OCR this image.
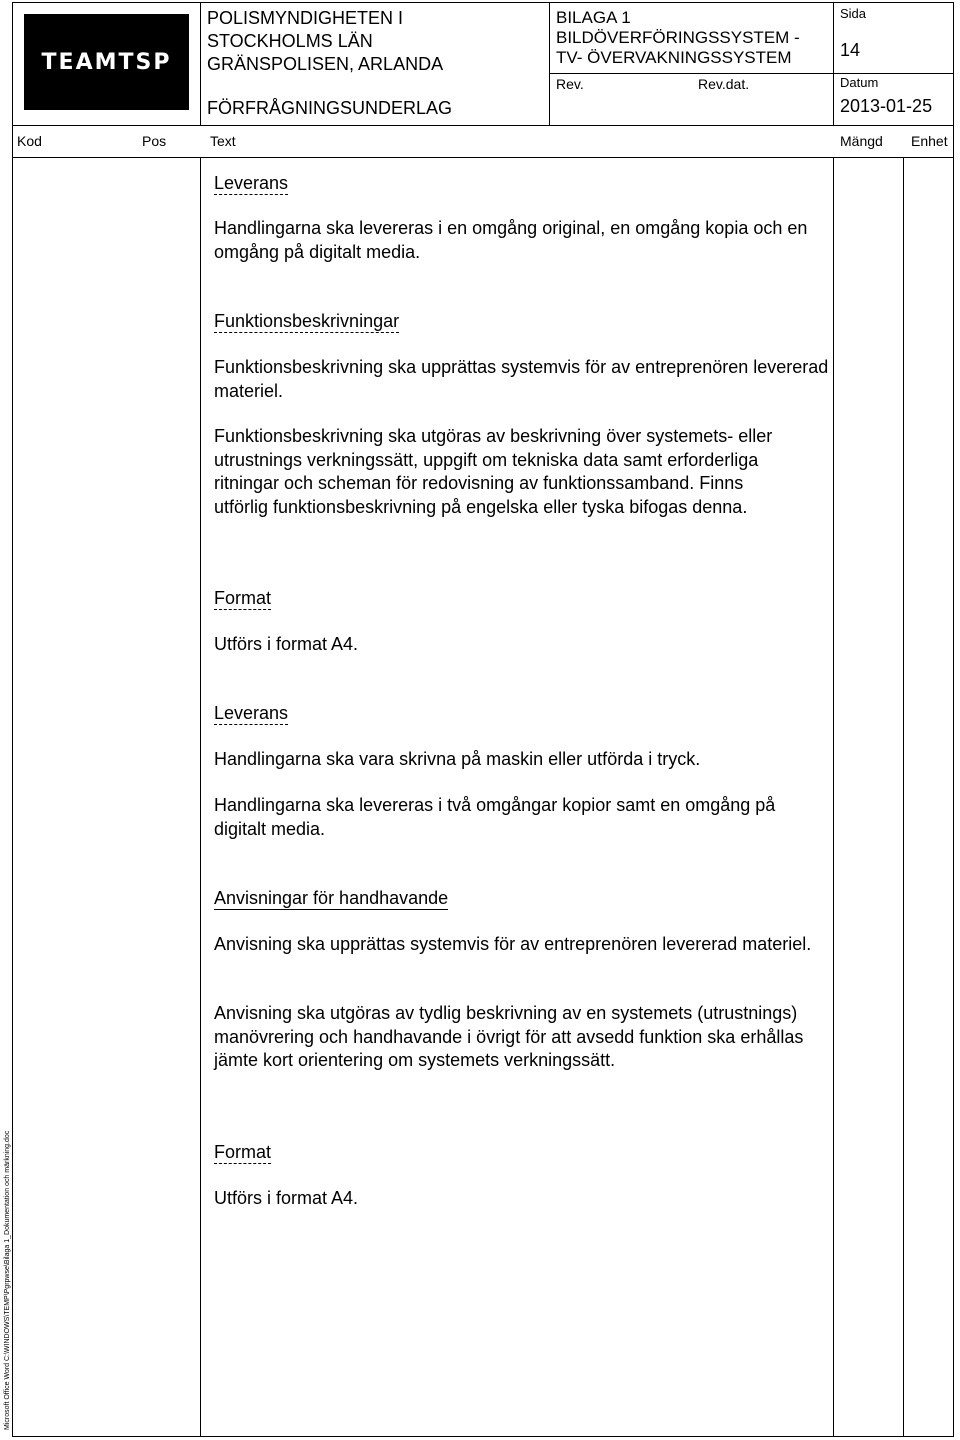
TEAMTSP
POLISMYNDIGHETEN I
STOCKHOLMS LÄN
GRÄNSPOLISEN, ARLANDA
FÖRFRÅGNINGSUNDERLAG
BILAGA 1
BILDÖVERFÖRINGSSYSTEM -
TV- ÖVERVAKNINGSSYSTEM
Rev.	Rev.dat.
Sida
14
Datum
2013-01-25
Kod	Pos	Text	Mängd Enhet
Leverans

Handlingarna ska levereras i en omgång original, en omgång kopia och en omgång på digitalt media.

Funktionsbeskrivningar

Funktionsbeskrivning ska upprättas systemvis för av entreprenören levererad materiel.

Funktionsbeskrivning ska utgöras av beskrivning över systemets- eller utrustnings verkningssätt, uppgift om tekniska data samt erforderliga ritningar och scheman för redovisning av funktionssamband. Finns utförlig funktionsbeskrivning på engelska eller tyska bifogas denna.

Format

Utförs i format A4.

Leverans

Handlingarna ska vara skrivna på maskin eller utförda i tryck.

Handlingarna ska levereras i två omgångar kopior samt en omgång på digitalt media.

Anvisningar för handhavande

Anvisning ska upprättas systemvis för av entreprenören levererad materiel.

Anvisning ska utgöras av tydlig beskrivning av en systemets (utrustnings) manövrering och handhavande i övrigt för att avsedd funktion ska erhållas jämte kort orientering om systemets verkningssätt.

Format

Utförs i format A4.

Microsoft Office Word C:\WINDOWS\TEMP\Pgrpwse\Bilaga 1_Dokumentation och märkning.doc
